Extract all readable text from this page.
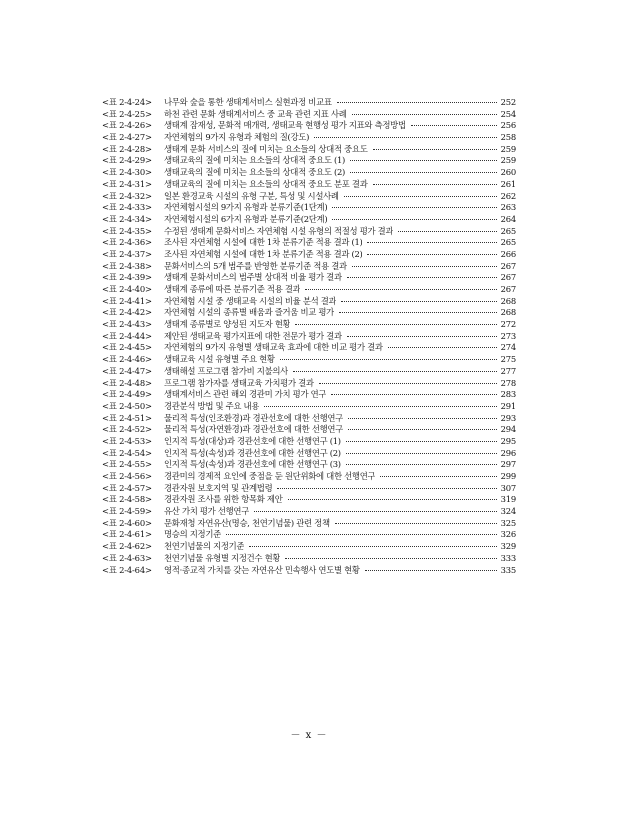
<표 2-4-24>	나무와 숲을 통한 생태계서비스 실현과정 비교표	252
<표 2-4-25>	하천 관련 문화 생태계서비스 중 교육 관련 지표 사례	254
<표 2-4-26>	생태계 잠재성, 문화적 매개력, 생태교육 현행성 평가 지표와 측정방법	256
<표 2-4-27>	자연체험의 9가지 유형과 체험의 질(강도)	258
<표 2-4-28>	생태계 문화 서비스의 질에 미치는 요소들의 상대적 중요도	259
<표 2-4-29>	생태교육의 질에 미치는 요소들의 상대적 중요도 (1)	259
<표 2-4-30>	생태교육의 질에 미치는 요소들의 상대적 중요도 (2)	260
<표 2-4-31>	생태교육의 질에 미치는 요소들의 상대적 중요도 분포 결과	261
<표 2-4-32>	일본 환경교육 시설의 유형 구분, 특성 및 시설사례	262
<표 2-4-33>	자연체험시설의 9가지 유형과 분류기준(1단계)	263
<표 2-4-34>	자연체험시설의 6가지 유형과 분류기준(2단계)	264
<표 2-4-35>	수정된 생태계 문화서비스 자연체험 시설 유형의 적절성 평가 결과	265
<표 2-4-36>	조사된 자연체험 시설에 대한 1차 분류기준 적용 결과 (1)	265
<표 2-4-37>	조사된 자연체험 시설에 대한 1차 분류기준 적용 결과 (2)	266
<표 2-4-38>	문화서비스의 5개 범주를 반영한 분류기준 적용 결과	267
<표 2-4-39>	생태계 문화서비스의 범주별 상대적 비율 평가 결과	267
<표 2-4-40>	생태계 종류에 따른 분류기준 적용 결과	267
<표 2-4-41>	자연체험 시설 중 생태교육 시설의 비율 분석 결과	268
<표 2-4-42>	자연체험 시설의 종류별 배움과 즐거움 비교 평가	268
<표 2-4-43>	생태계 종류별로 양성된 지도자 현황	272
<표 2-4-44>	제안된 생태교육 평가지표에 대한 전문가 평가 결과	273
<표 2-4-45>	자연체험의 9가지 유형별 생태교육 효과에 대한 비교 평가 결과	274
<표 2-4-46>	생태교육 시설 유형별 주요 현황	275
<표 2-4-47>	생태해설 프로그램 참가비 지불의사	277
<표 2-4-48>	프로그램 참가자를 생태교육 가치평가 결과	278
<표 2-4-49>	생태계서비스 관련 해외 경관미 가치 평가 연구	283
<표 2-4-50>	경관분석 방법 및 주요 내용	291
<표 2-4-51>	물리적 특성(인조환경)과 경관선호에 대한 선행연구	293
<표 2-4-52>	물리적 특성(자연환경)과 경관선호에 대한 선행연구	294
<표 2-4-53>	인지적 특성(대상)과 경관선호에 대한 선행연구 (1)	295
<표 2-4-54>	인지적 특성(속성)과 경관선호에 대한 선행연구 (2)	296
<표 2-4-55>	인지적 특성(속성)과 경관선호에 대한 선행연구 (3)	297
<표 2-4-56>	경관미의 경제적 요인에 중점을 둔 원단위화에 대한 선행연구	299
<표 2-4-57>	경관자원 보호지역 및 관계법령	307
<표 2-4-58>	경관자원 조사를 위한 항목화 제안	319
<표 2-4-59>	유산 가치 평가 선행연구	324
<표 2-4-60>	문화재청 자연유산(명승, 천연기념물) 관련 정책	325
<표 2-4-61>	명승의 지정기준	326
<표 2-4-62>	천연기념물의 지정기준	329
<표 2-4-63>	천연기념물 유형별 지정건수 현황	333
<표 2-4-64>	영적·종교적 가치를 갖는 자연유산 민속행사 연도별 현황	335
－ x －
